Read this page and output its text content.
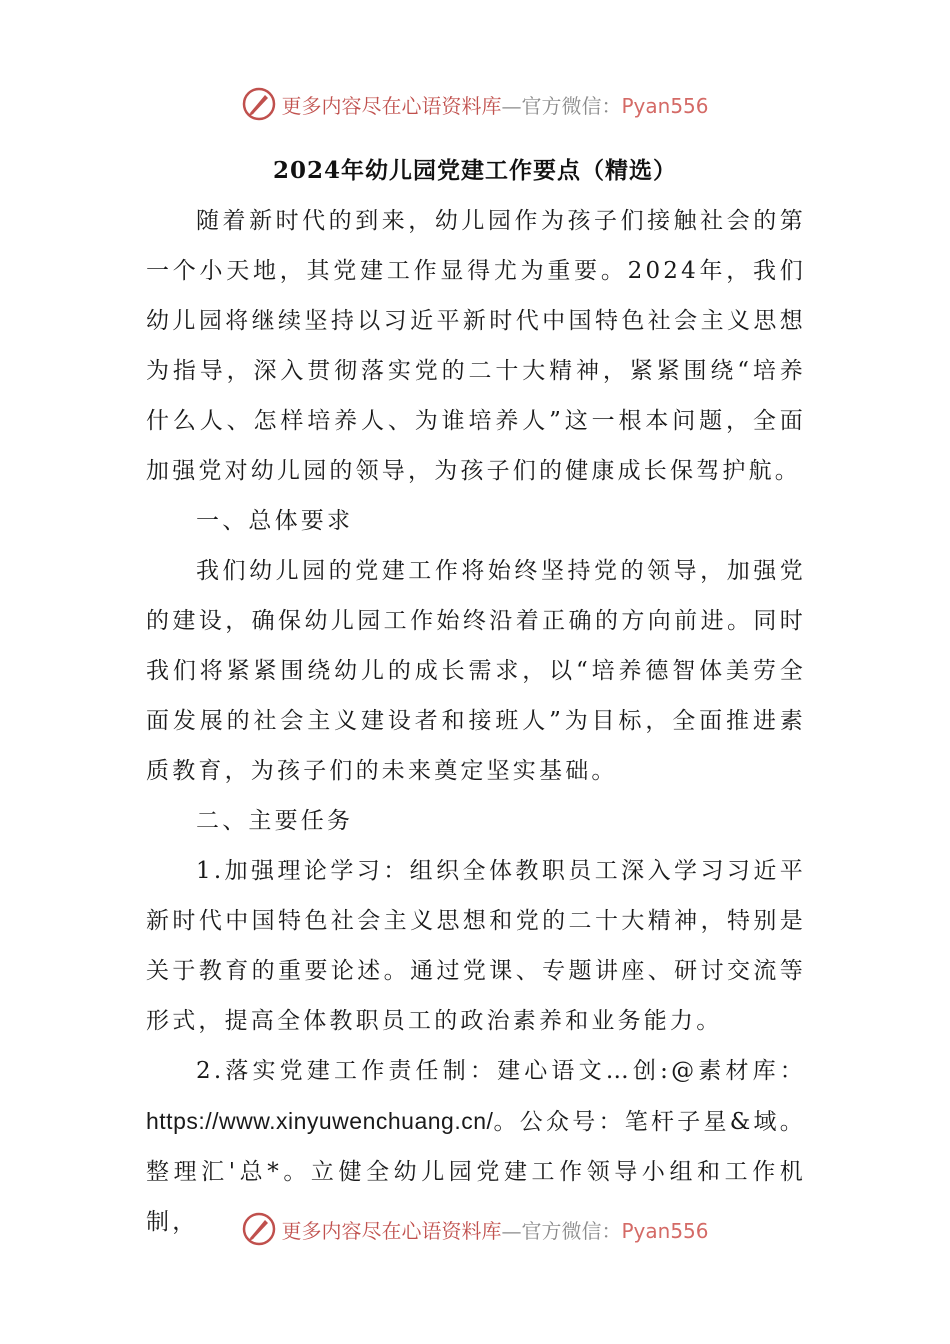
更多内容尽在心语资料库—官方微信：Pyan556
2024年幼儿园党建工作要点（精选）

随着新时代的到来，幼儿园作为孩子们接触社会的第一个小天地，其党建工作显得尤为重要。2024年，我们幼儿园将继续坚持以习近平新时代中国特色社会主义思想为指导，深入贯彻落实党的二十大精神，紧紧围绕“培养什么人、怎样培养人、为谁培养人”这一根本问题，全面加强党对幼儿园的领导，为孩子们的健康成长保驾护航。

一、总体要求

我们幼儿园的党建工作将始终坚持党的领导，加强党的建设，确保幼儿园工作始终沿着正确的方向前进。同时我们将紧紧围绕幼儿的成长需求，以“培养德智体美劳全面发展的社会主义建设者和接班人”为目标，全面推进素质教育，为孩子们的未来奠定坚实基础。

二、主要任务

1.加强理论学习：组织全体教职员工深入学习习近平新时代中国特色社会主义思想和党的二十大精神，特别是关于教育的重要论述。通过党课、专题讲座、研讨交流等形式，提高全体教职员工的政治素养和业务能力。

2.落实党建工作责任制：建心语文…创:@素材库：https://www.xinyuwenchuang.cn/。公众号：笔杆子星&域。整理汇'总*。立健全幼儿园党建工作领导小组和工作机制，	更多内容尽在心语资料库—官方微信：Pyan556
